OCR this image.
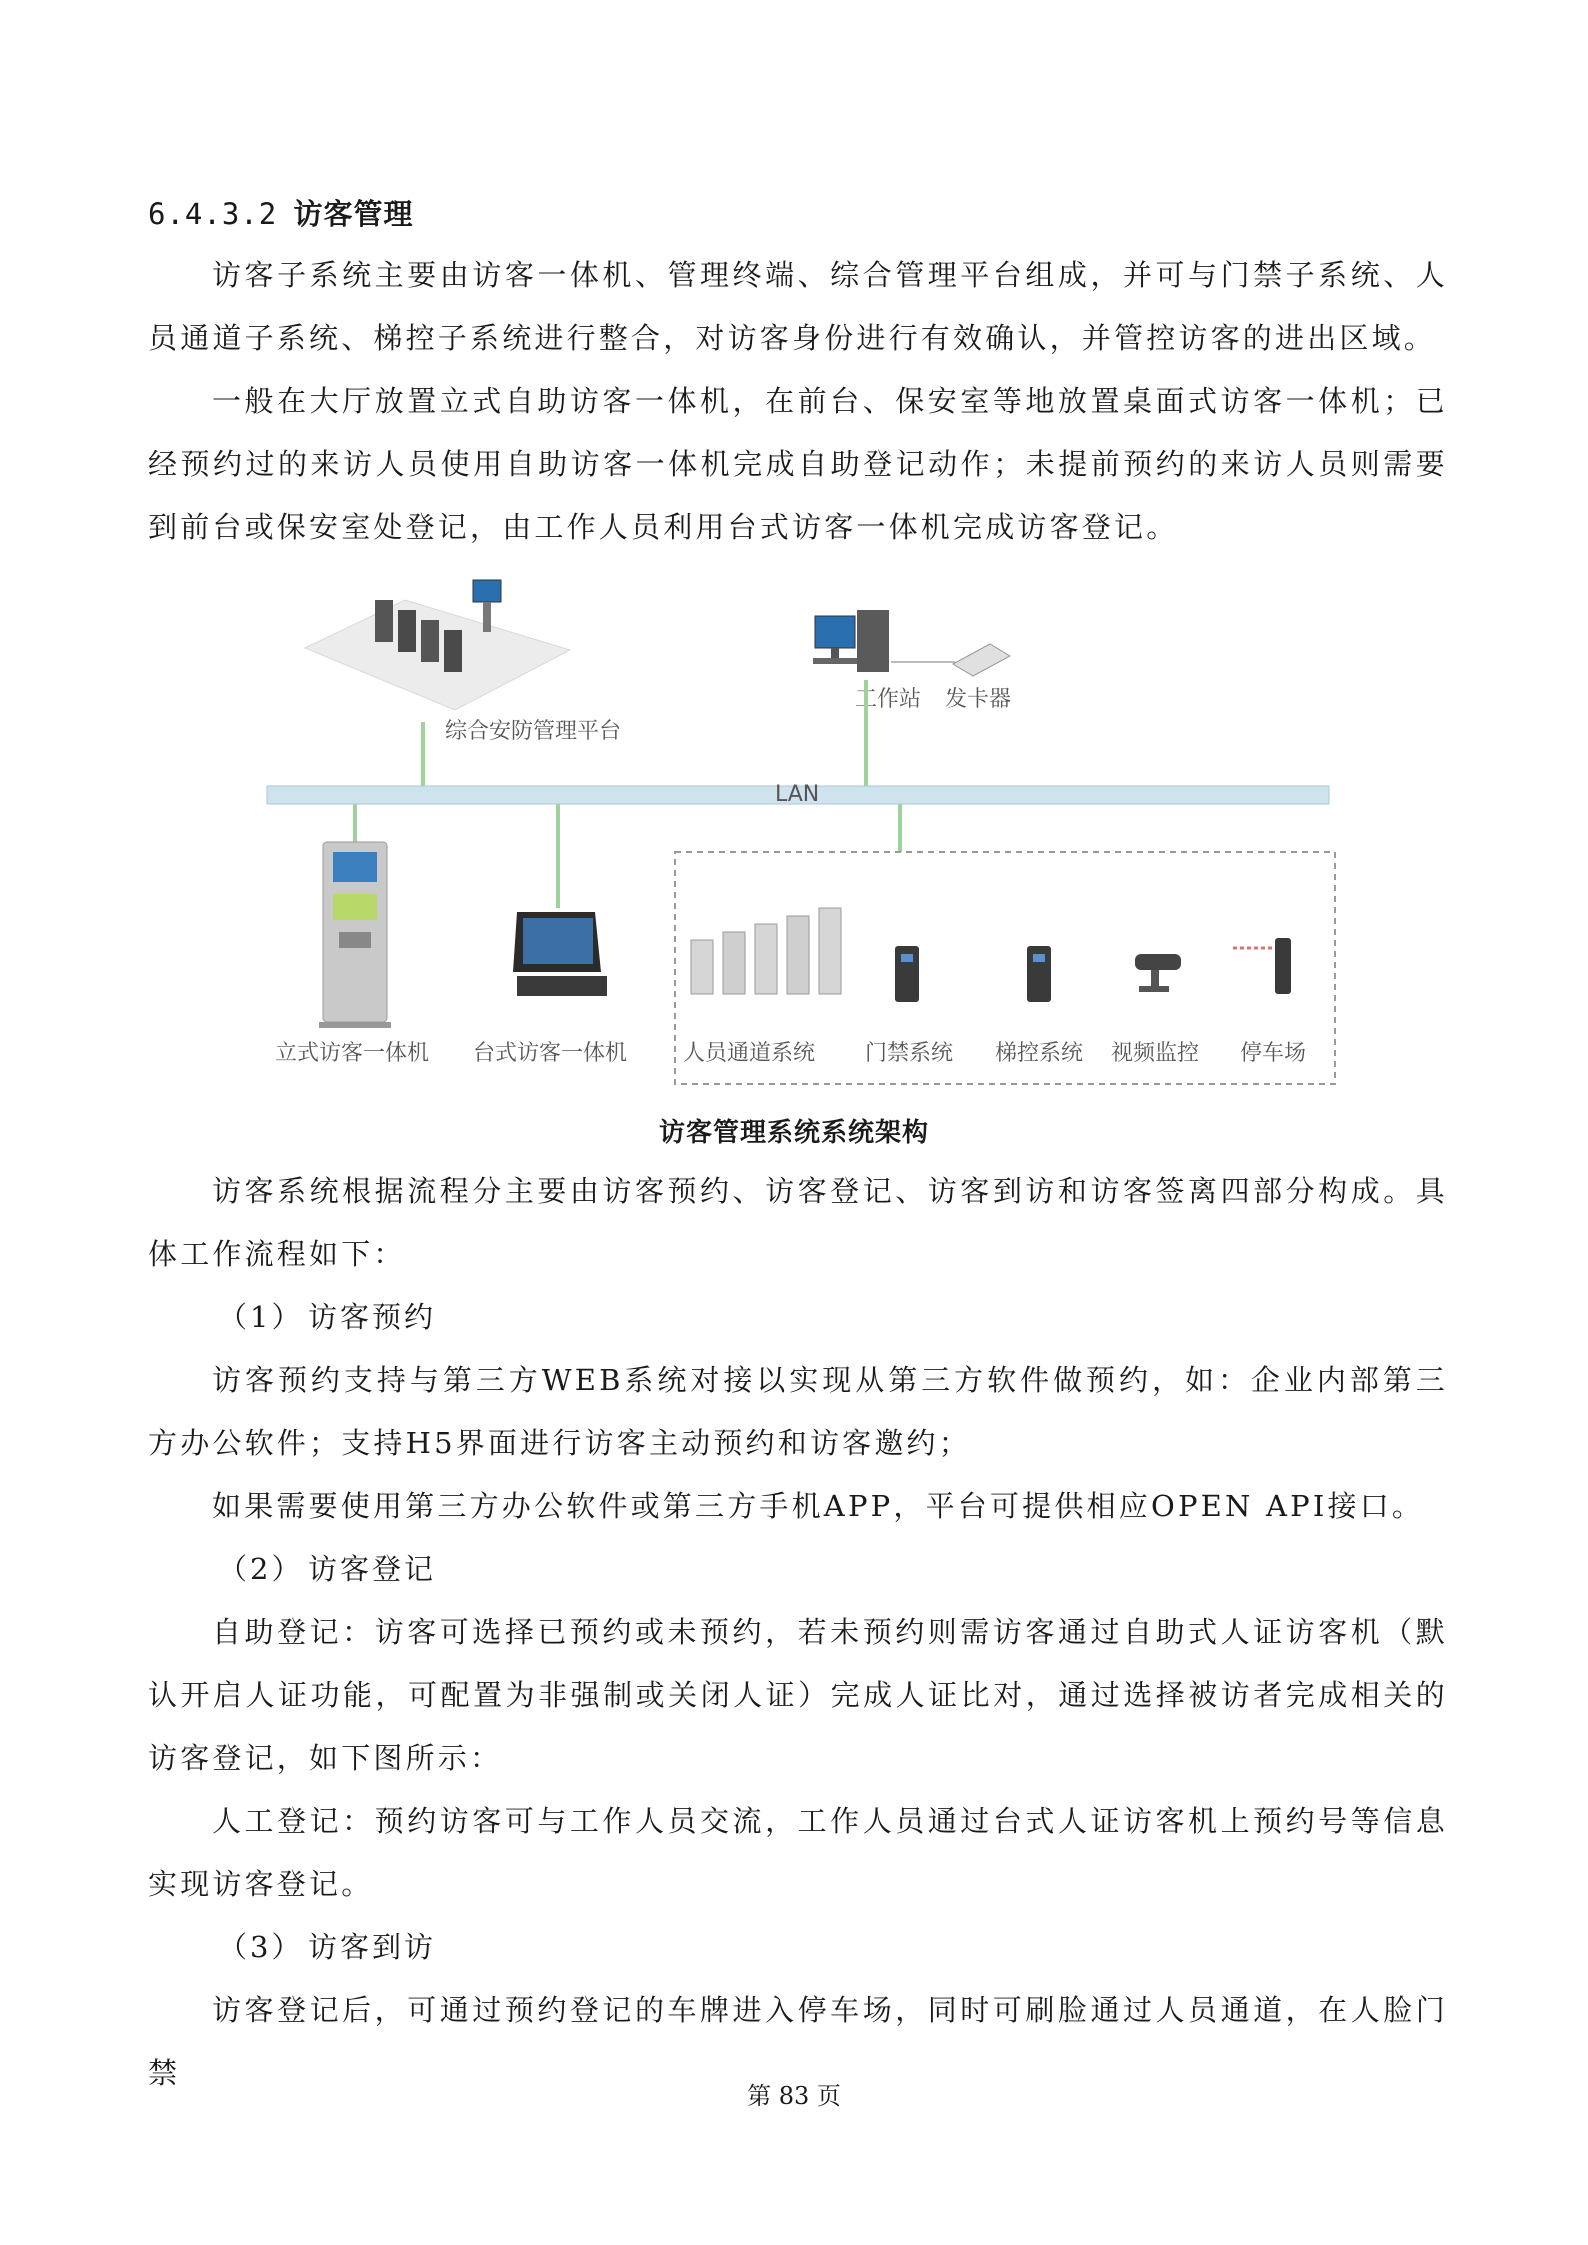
6.4.3.2 访客管理

访客子系统主要由访客一体机、管理终端、综合管理平台组成，并可与门禁子系统、人员通道子系统、梯控子系统进行整合，对访客身份进行有效确认，并管控访客的进出区域。

一般在大厅放置立式自助访客一体机，在前台、保安室等地放置桌面式访客一体机；已经预约过的来访人员使用自助访客一体机完成自助登记动作；未提前预约的来访人员则需要到前台或保安室处登记，由工作人员利用台式访客一体机完成访客登记。

综合安防管理平台
工作站 发卡器
LAN
立式访客一体机 台式访客一体机	人员通道系统 门禁系统 梯控系统 视频监控 停车场
访客管理系统系统架构

访客系统根据流程分主要由访客预约、访客登记、访客到访和访客签离四部分构成。具体工作流程如下：

（1） 访客预约

访客预约支持与第三方WEB系统对接以实现从第三方软件做预约，如：企业内部第三方办公软件；支持H5界面进行访客主动预约和访客邀约；

如果需要使用第三方办公软件或第三方手机APP，平台可提供相应OPEN API接口。

（2） 访客登记

自助登记：访客可选择已预约或未预约，若未预约则需访客通过自助式人证访客机（默认开启人证功能，可配置为非强制或关闭人证）完成人证比对，通过选择被访者完成相关的访客登记，如下图所示：

人工登记：预约访客可与工作人员交流，工作人员通过台式人证访客机上预约号等信息实现访客登记。

（3） 访客到访

访客登记后，可通过预约登记的车牌进入停车场，同时可刷脸通过人员通道，在人脸门禁

第 83 页
